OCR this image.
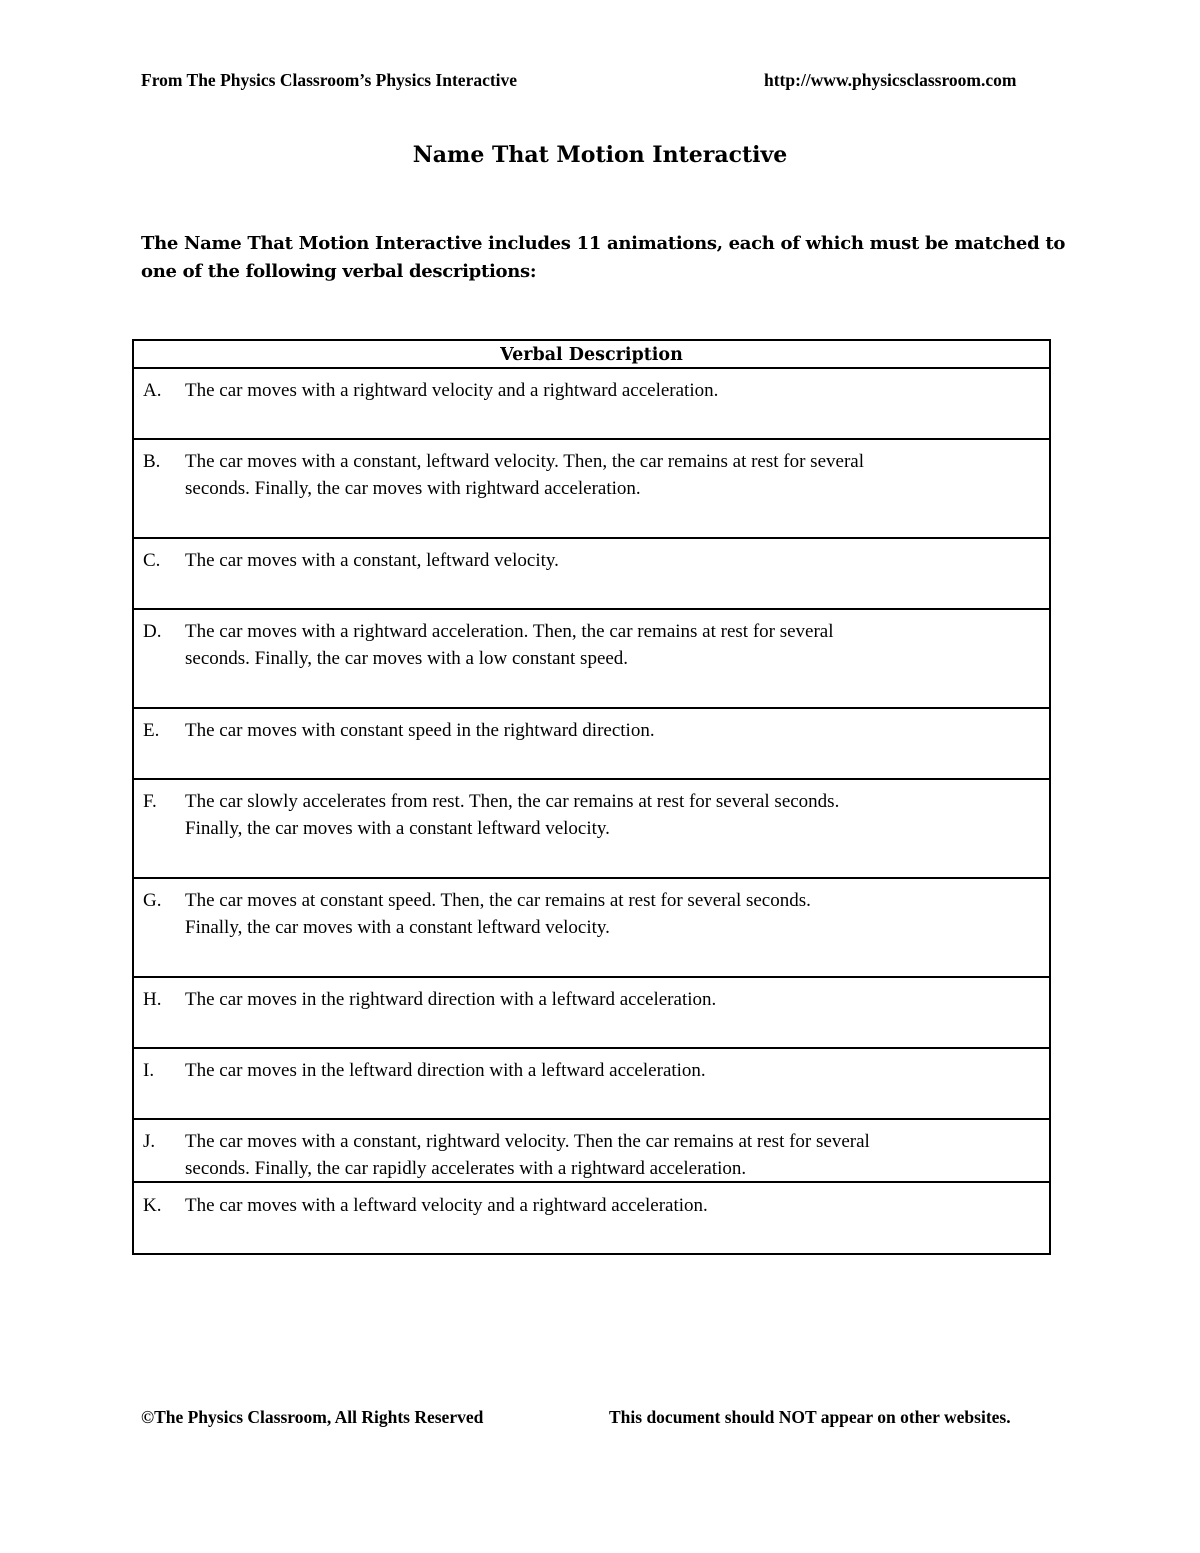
From The Physics Classroom’s Physics Interactive	http://www.physicsclassroom.com
Name That Motion Interactive
The Name That Motion Interactive includes 11 animations, each of which must be matched to one of the following verbal descriptions:
Verbal Description
A. The car moves with a rightward velocity and a rightward acceleration.
B. The car moves with a constant, leftward velocity. Then, the car remains at rest for several
seconds. Finally, the car moves with rightward acceleration.
C. The car moves with a constant, leftward velocity.
D. The car moves with a rightward acceleration. Then, the car remains at rest for several
seconds. Finally, the car moves with a low constant speed.
E. The car moves with constant speed in the rightward direction.
F. The car slowly accelerates from rest. Then, the car remains at rest for several seconds.
Finally, the car moves with a constant leftward velocity.
G. The car moves at constant speed. Then, the car remains at rest for several seconds.
Finally, the car moves with a constant leftward velocity.
H. The car moves in the rightward direction with a leftward acceleration.
I. The car moves in the leftward direction with a leftward acceleration.
J. The car moves with a constant, rightward velocity. Then the car remains at rest for several
seconds. Finally, the car rapidly accelerates with a rightward acceleration.
K. The car moves with a leftward velocity and a rightward acceleration.
©The Physics Classroom, All Rights Reserved	This document should NOT appear on other websites.
